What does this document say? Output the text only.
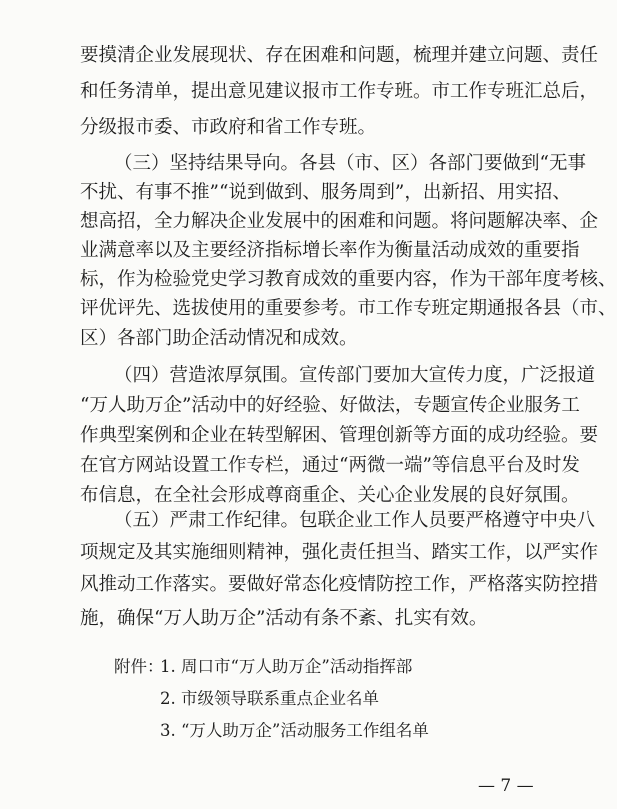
要摸清企业发展现状、存在困难和问题，梳理并建立问题、责任
和任务清单，提出意见建议报市工作专班。市工作专班汇总后，
分级报市委、市政府和省工作专班。
（三）坚持结果导向。各县（市、区）各部门要做到“无事
不扰、有事不推”“说到做到、服务周到”，出新招、用实招、
想高招，全力解决企业发展中的困难和问题。将问题解决率、企
业满意率以及主要经济指标增长率作为衡量活动成效的重要指
标，作为检验党史学习教育成效的重要内容，作为干部年度考核、
评优评先、选拔使用的重要参考。市工作专班定期通报各县（市、
区）各部门助企活动情况和成效。
（四）营造浓厚氛围。宣传部门要加大宣传力度，广泛报道
“万人助万企”活动中的好经验、好做法，专题宣传企业服务工
作典型案例和企业在转型解困、管理创新等方面的成功经验。要
在官方网站设置工作专栏，通过“两微一端”等信息平台及时发
布信息，在全社会形成尊商重企、关心企业发展的良好氛围。
（五）严肃工作纪律。包联企业工作人员要严格遵守中央八
项规定及其实施细则精神，强化责任担当、踏实工作，以严实作
风推动工作落实。要做好常态化疫情防控工作，严格落实防控措
施，确保“万人助万企”活动有条不紊、扎实有效。
附件：
1. 周口市“万人助万企”活动指挥部
2. 市级领导联系重点企业名单
3. “万人助万企”活动服务工作组名单
— 7 —
